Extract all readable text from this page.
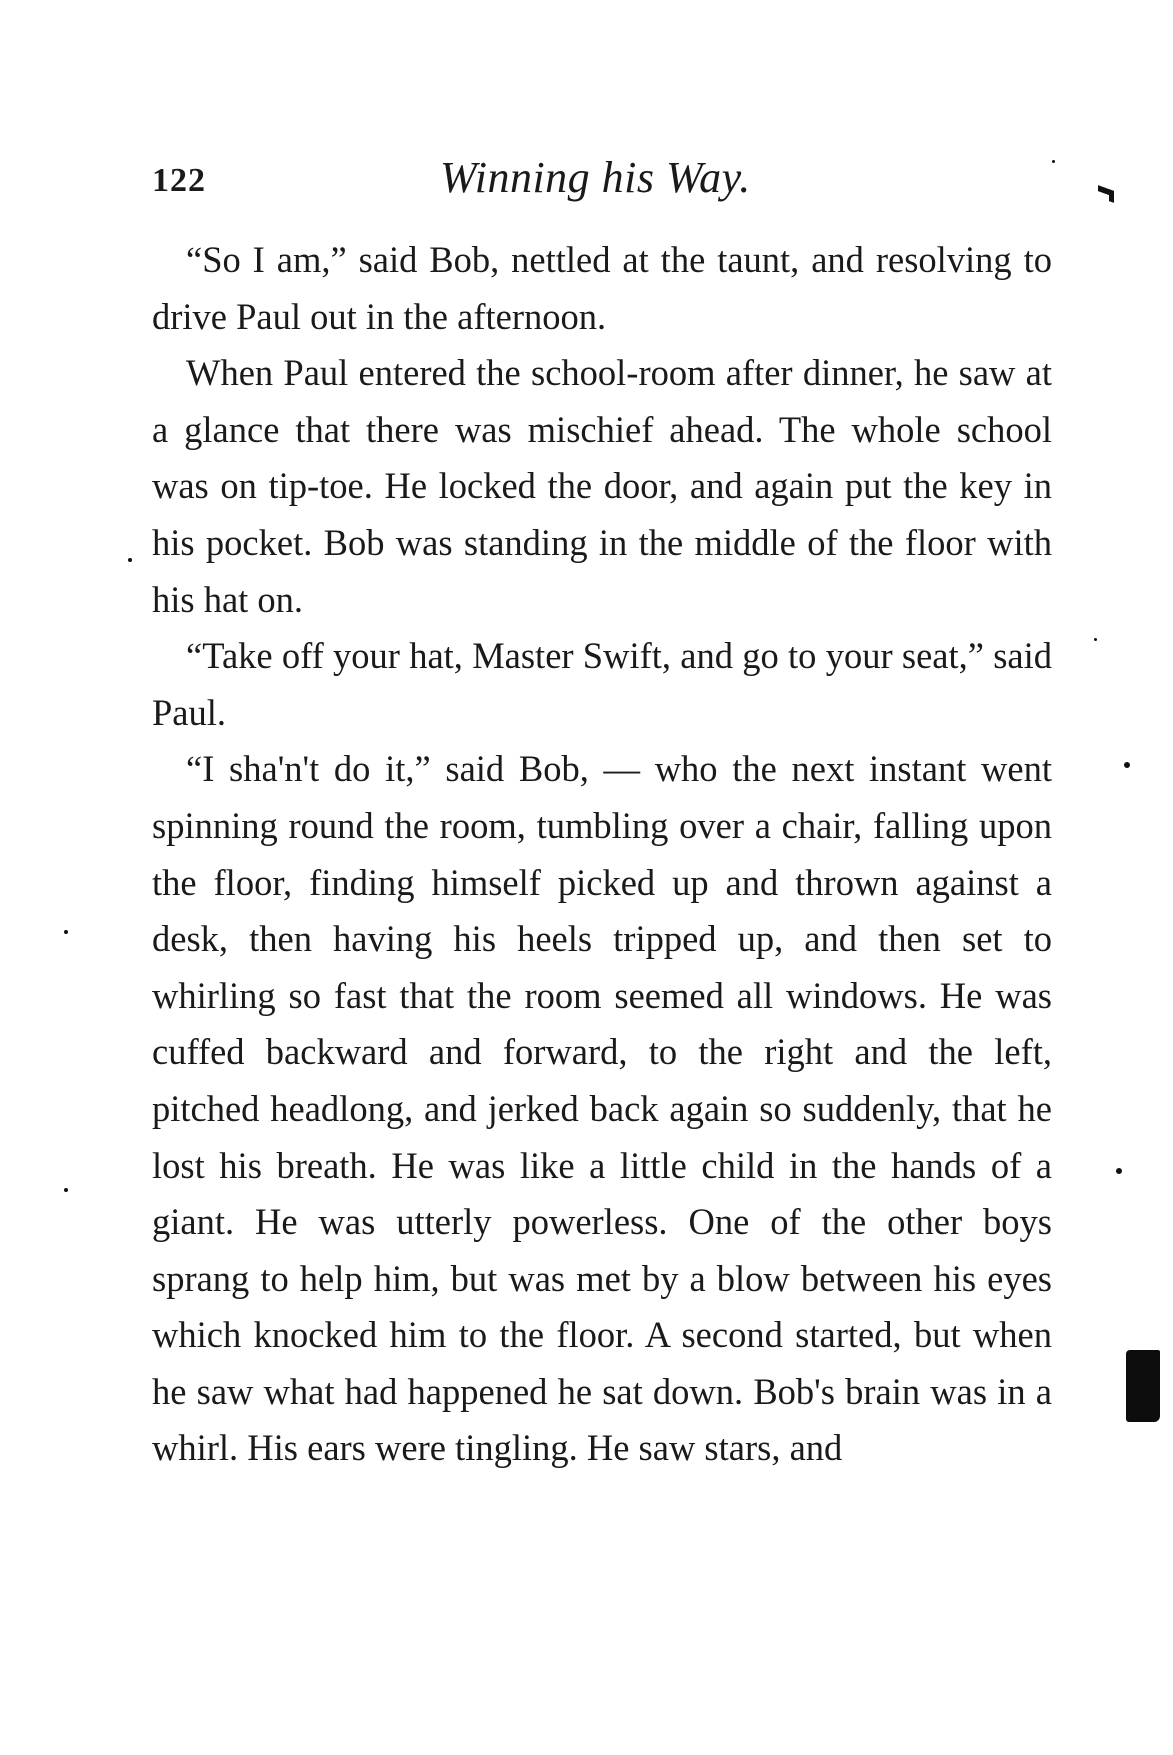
122	Winning his Way.

“So I am,” said Bob, nettled at the taunt, and resolving to drive Paul out in the afternoon.

When Paul entered the school-room after dinner, he saw at a glance that there was mischief ahead. The whole school was on tip-toe. He locked the door, and again put the key in his pocket. Bob was standing in the middle of the floor with his hat on.

“Take off your hat, Master Swift, and go to your seat,” said Paul.

“I sha'n't do it,” said Bob, — who the next instant went spinning round the room, tumbling over a chair, falling upon the floor, finding himself picked up and thrown against a desk, then having his heels tripped up, and then set to whirling so fast that the room seemed all windows. He was cuffed backward and forward, to the right and the left, pitched headlong, and jerked back again so suddenly, that he lost his breath. He was like a little child in the hands of a giant. He was utterly powerless. One of the other boys sprang to help him, but was met by a blow between his eyes which knocked him to the floor. A second started, but when he saw what had happened he sat down. Bob's brain was in a whirl. His ears were tingling. He saw stars, and
